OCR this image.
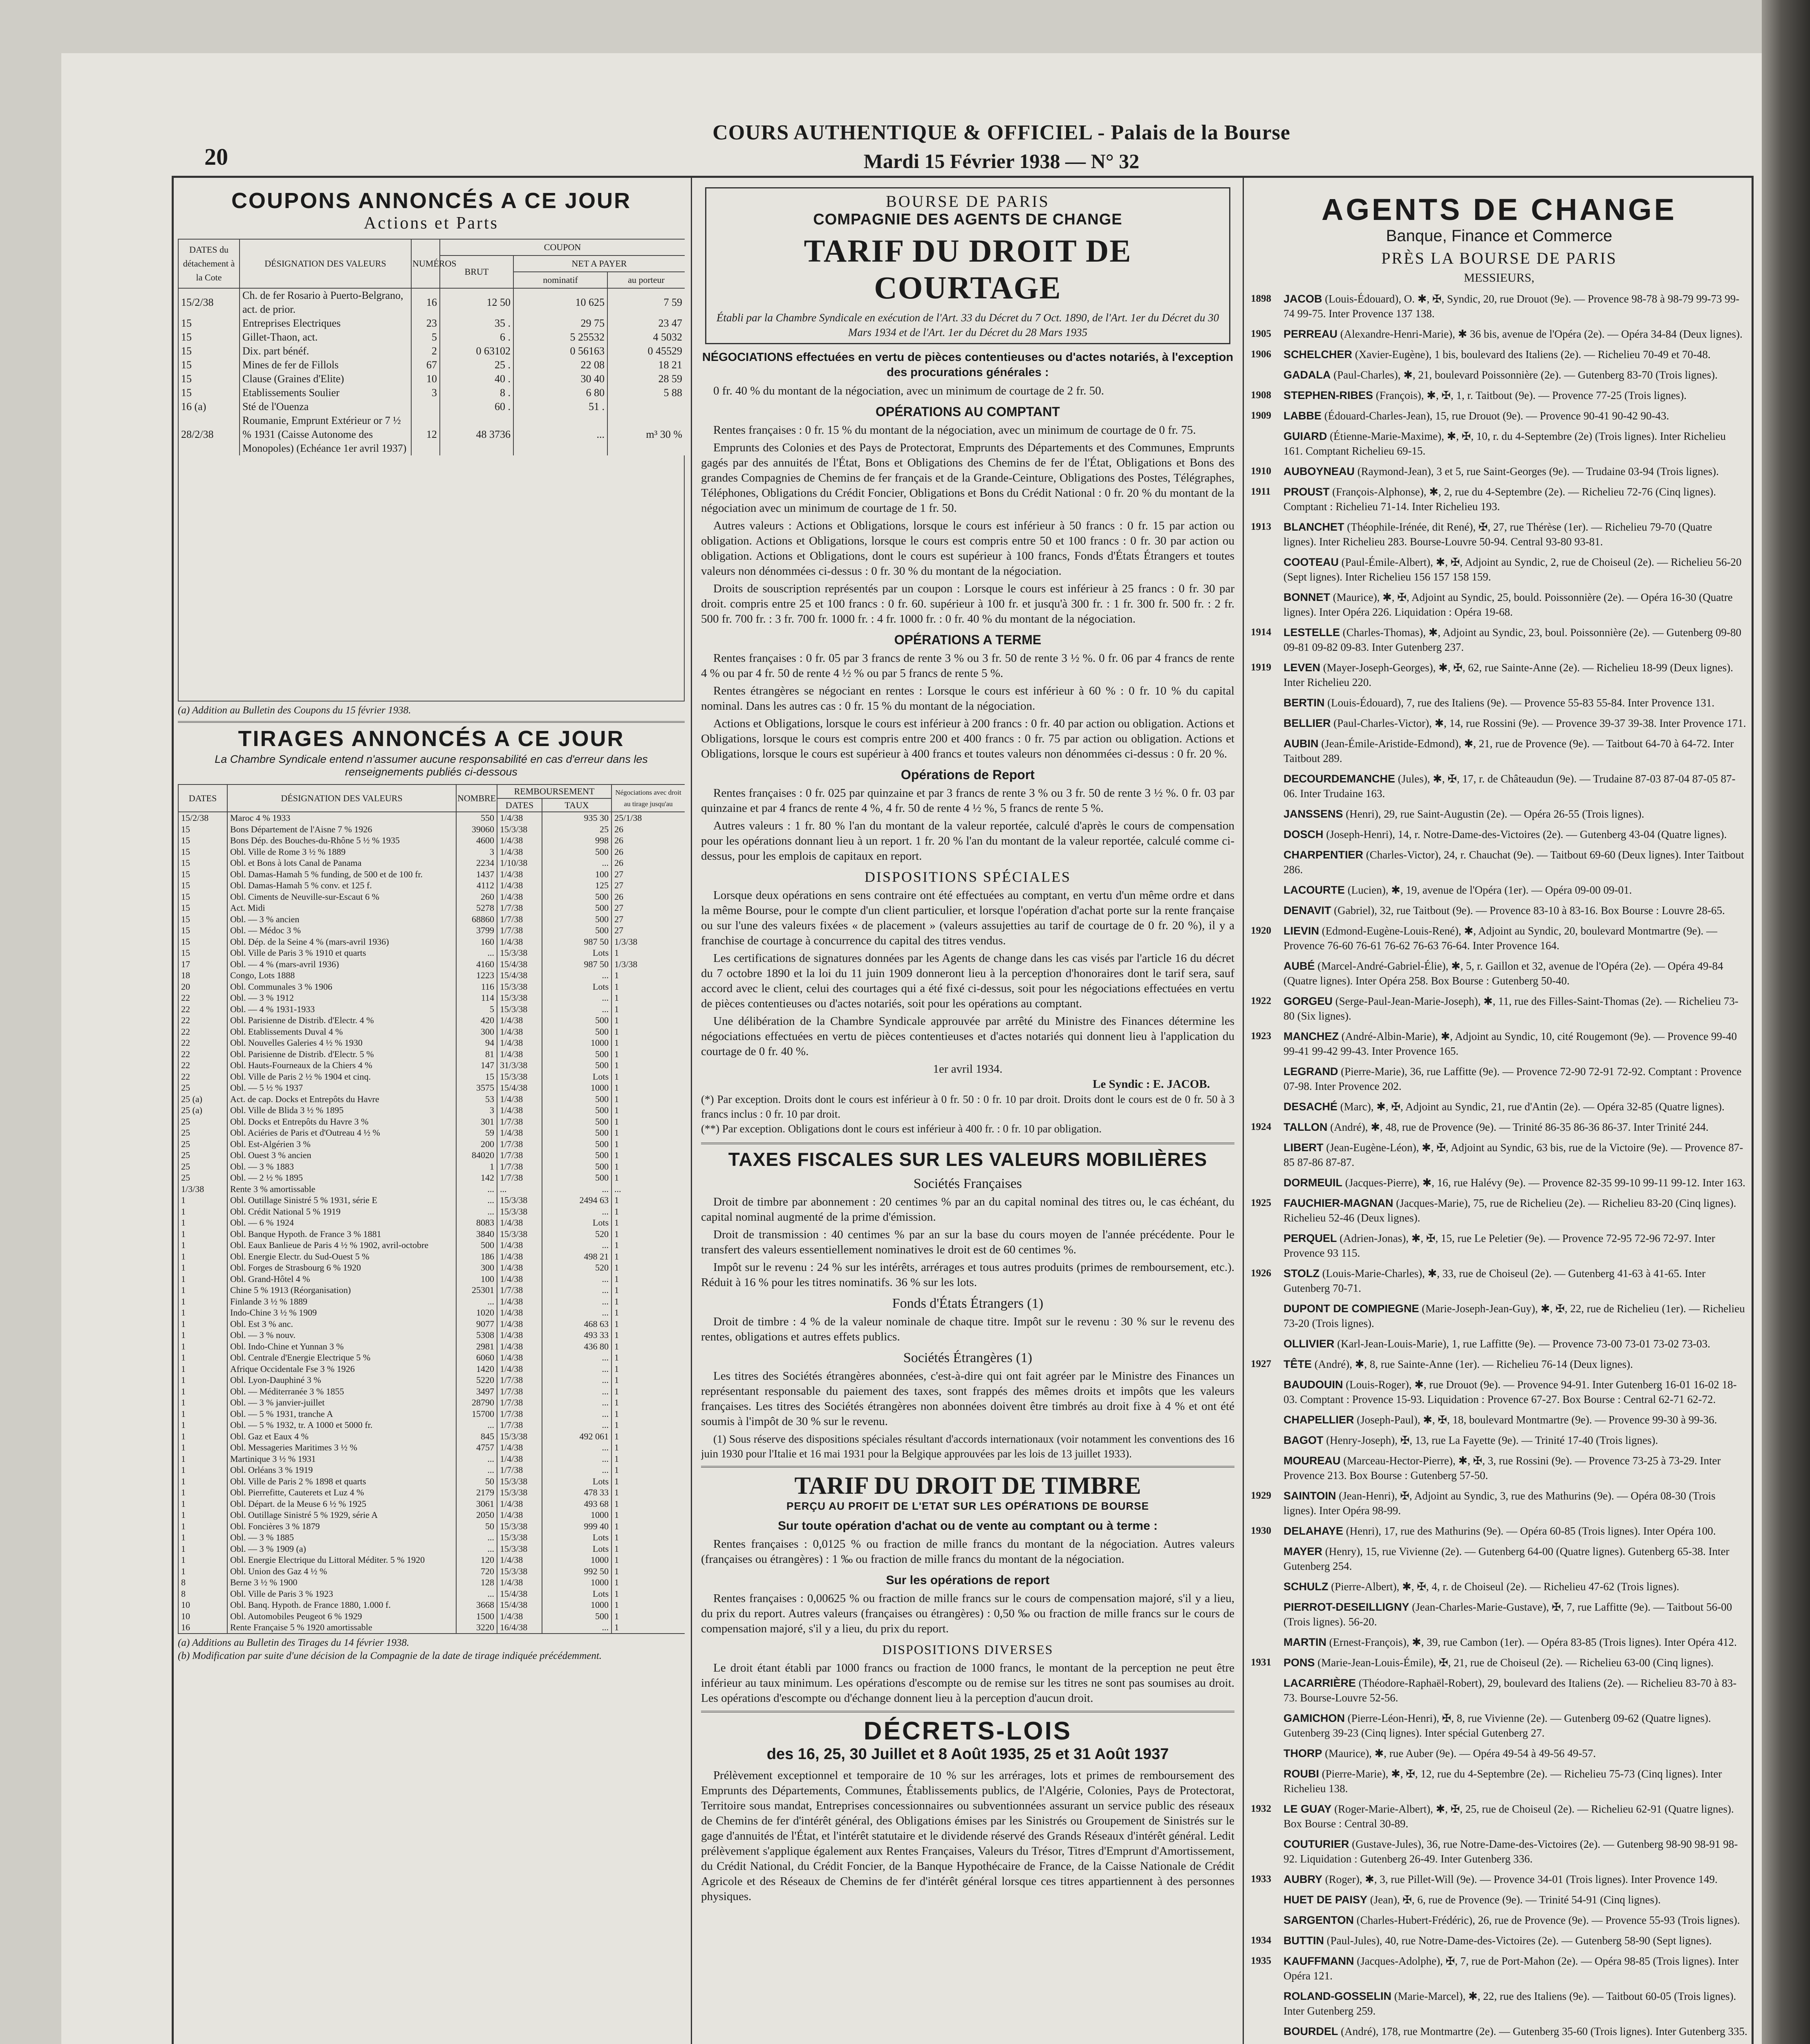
20
COURS AUTHENTIQUE & OFFICIEL - Palais de la Bourse
Mardi 15 Février 1938 — N° 32
COUPONS ANNONCÉS A CE JOUR
Actions et Parts
DATES du détachement à la Cote	DÉSIGNATION DES VALEURS	NUMÉROS	COUPON		
			BRUT	NET A PAYER	
				nominatif	au porteur
15/2/38	Ch. de fer Rosario à Puerto-Belgrano, act. de prior.	16	12 50	10 625	7 59
15	Entreprises Electriques	23	35 .	29 75	23 47
15	Gillet-Thaon, act.	5	6 .	5 25532	4 5032
15	Dix. part bénéf.	2	0 63102	0 56163	0 45529
15	Mines de fer de Fillols	67	25 .	22 08	18 21
15	Clause (Graines d'Elite)	10	40 .	30 40	28 59
15	Etablissements Soulier	3	8 .	6 80	5 88
16 (a)	Sté de l'Ouenza		60 .	51 .	
28/2/38	Roumanie, Emprunt Extérieur or 7 ½ % 1931 (Caisse Autonome des Monopoles) (Echéance 1er avril 1937)	12	48 3736	...	m³ 30 %
(a) Addition au Bulletin des Coupons du 15 février 1938.
TIRAGES ANNONCÉS A CE JOUR
La Chambre Syndicale entend n'assumer aucune responsabilité en cas d'erreur dans les renseignements publiés ci-dessous
DATES	DÉSIGNATION DES VALEURS	NOMBRE	REMBOURSEMENT		Négociations avec droit au tirage jusqu'au
			DATES	TAUX	
15/2/38	Maroc 4 % 1933	550	1/4/38	935 30	25/1/38
15	Bons Département de l'Aisne 7 % 1926	39060	15/3/38	25	26
15	Bons Dép. des Bouches-du-Rhône 5 ½ % 1935	4600	1/4/38	998	26
15	Obl. Ville de Rome 3 ½ % 1889	3	1/4/38	500	26
15	Obl. et Bons à lots Canal de Panama	2234	1/10/38	...	26
15	Obl. Damas-Hamah 5 % funding, de 500 et de 100 fr.	1437	1/4/38	100	27
15	Obl. Damas-Hamah 5 % conv. et 125 f.	4112	1/4/38	125	27
15	Obl. Ciments de Neuville-sur-Escaut 6 %	260	1/4/38	500	26
15	Act. Midi	5278	1/7/38	500	27
15	Obl. — 3 % ancien	68860	1/7/38	500	27
15	Obl. — Médoc 3 %	3799	1/7/38	500	27
15	Obl. Dép. de la Seine 4 % (mars-avril 1936)	160	1/4/38	987 50	1/3/38
15	Obl. Ville de Paris 3 % 1910 et quarts	...	15/3/38	Lots	1
17	Obl. — 4 % (mars-avril 1936)	4160	15/4/38	987 50	1/3/38
18	Congo, Lots 1888	1223	15/4/38	...	1
20	Obl. Communales 3 % 1906	116	15/3/38	Lots	1
22	Obl. — 3 % 1912	114	15/3/38	...	1
22	Obl. — 4 % 1931-1933	5	15/3/38	...	1
22	Obl. Parisienne de Distrib. d'Electr. 4 %	420	1/4/38	500	1
22	Obl. Etablissements Duval 4 %	300	1/4/38	500	1
22	Obl. Nouvelles Galeries 4 ½ % 1930	94	1/4/38	1000	1
22	Obl. Parisienne de Distrib. d'Electr. 5 %	81	1/4/38	500	1
22	Obl. Hauts-Fourneaux de la Chiers 4 %	147	31/3/38	500	1
22	Obl. Ville de Paris 2 ½ % 1904 et cinq.	15	15/3/38	Lots	1
25	Obl. — 5 ½ % 1937	3575	15/4/38	1000	1
25 (a)	Act. de cap. Docks et Entrepôts du Havre	53	1/4/38	500	1
25 (a)	Obl. Ville de Blida 3 ½ % 1895	3	1/4/38	500	1
25	Obl. Docks et Entrepôts du Havre 3 %	301	1/7/38	500	1
25	Obl. Aciéries de Paris et d'Outreau 4 ½ %	59	1/4/38	500	1
25	Obl. Est-Algérien 3 %	200	1/7/38	500	1
25	Obl. Ouest 3 % ancien	84020	1/7/38	500	1
25	Obl. — 3 % 1883	1	1/7/38	500	1
25	Obl. — 2 ½ % 1895	142	1/7/38	500	1
1/3/38	Rente 3 % amortissable	...	...	...	...
1	Obl. Outillage Sinistré 5 % 1931, série E	...	15/3/38	2494 63	1
1	Obl. Crédit National 5 % 1919	...	15/3/38	...	1
1	Obl. — 6 % 1924	8083	1/4/38	Lots	1
1	Obl. Banque Hypoth. de France 3 % 1881	3840	15/3/38	520	1
1	Obl. Eaux Banlieue de Paris 4 ½ % 1902, avril-octobre	500	1/4/38	...	1
1	Obl. Energie Electr. du Sud-Ouest 5 %	186	1/4/38	498 21	1
1	Obl. Forges de Strasbourg 6 % 1920	300	1/4/38	520	1
1	Obl. Grand-Hôtel 4 %	100	1/4/38	...	1
1	Chine 5 % 1913 (Réorganisation)	25301	1/7/38	...	1
1	Finlande 3 ½ % 1889	...	1/4/38	...	1
1	Indo-Chine 3 ½ % 1909	1020	1/4/38	...	1
1	Obl. Est 3 % anc.	9077	1/4/38	468 63	1
1	Obl. — 3 % nouv.	5308	1/4/38	493 33	1
1	Obl. Indo-Chine et Yunnan 3 %	2981	1/4/38	436 80	1
1	Obl. Centrale d'Energie Electrique 5 %	6060	1/4/38	...	1
1	Afrique Occidentale Fse 3 % 1926	1420	1/4/38	...	1
1	Obl. Lyon-Dauphiné 3 %	5220	1/7/38	...	1
1	Obl. — Méditerranée 3 % 1855	3497	1/7/38	...	1
1	Obl. — 3 % janvier-juillet	28790	1/7/38	...	1
1	Obl. — 5 % 1931, tranche A	15700	1/7/38	...	1
1	Obl. — 5 % 1932, tr. A 1000 et 5000 fr.	...	1/7/38	...	1
1	Obl. Gaz et Eaux 4 %	845	15/3/38	492 061	1
1	Obl. Messageries Maritimes 3 ½ %	4757	1/4/38	...	1
1	Martinique 3 ½ % 1931	...	1/4/38	...	1
1	Obl. Orléans 3 % 1919	...	1/7/38	...	1
1	Obl. Ville de Paris 2 % 1898 et quarts	50	15/3/38	Lots	1
1	Obl. Pierrefitte, Cauterets et Luz 4 %	2179	15/3/38	478 33	1
1	Obl. Départ. de la Meuse 6 ½ % 1925	3061	1/4/38	493 68	1
1	Obl. Outillage Sinistré 5 % 1929, série A	2050	1/4/38	1000	1
1	Obl. Foncières 3 % 1879	50	15/3/38	999 40	1
1	Obl. — 3 % 1885	...	15/3/38	Lots	1
1	Obl. — 3 % 1909 (a)	...	15/3/38	Lots	1
1	Obl. Energie Electrique du Littoral Méditer. 5 % 1920	120	1/4/38	1000	1
1	Obl. Union des Gaz 4 ½ %	720	15/3/38	992 50	1
8	Berne 3 ½ % 1900	128	1/4/38	1000	1
8	Obl. Ville de Paris 3 % 1923	...	15/4/38	Lots	1
10	Obl. Banq. Hypoth. de France 1880, 1.000 f.	3668	15/4/38	1000	1
10	Obl. Automobiles Peugeot 6 % 1929	1500	1/4/38	500	1
16	Rente Française 5 % 1920 amortissable	3220	16/4/38	...	1
(a) Additions au Bulletin des Tirages du 14 février 1938.
(b) Modification par suite d'une décision de la Compagnie de la date de tirage indiquée précédemment.
BOURSE DE PARIS
COMPAGNIE DES AGENTS DE CHANGE
TARIF DU DROIT DE COURTAGE
Établi par la Chambre Syndicale en exécution de l'Art. 33 du Décret du 7 Oct. 1890, de l'Art. 1er du Décret du 30 Mars 1934 et de l'Art. 1er du Décret du 28 Mars 1935
NÉGOCIATIONS effectuées en vertu de pièces contentieuses ou d'actes notariés, à l'exception des procurations générales :

0 fr. 40 % du montant de la négociation, avec un minimum de courtage de 2 fr. 50.

OPÉRATIONS AU COMPTANT

Rentes françaises : 0 fr. 15 % du montant de la négociation, avec un minimum de courtage de 0 fr. 75.

Emprunts des Colonies et des Pays de Protectorat, Emprunts des Départements et des Communes, Emprunts gagés par des annuités de l'État, Bons et Obligations des Chemins de fer de l'État, Obligations et Bons des grandes Compagnies de Chemins de fer français et de la Grande-Ceinture, Obligations des Postes, Télégraphes, Téléphones, Obligations du Crédit Foncier, Obligations et Bons du Crédit National : 0 fr. 20 % du montant de la négociation avec un minimum de courtage de 1 fr. 50.

Autres valeurs : Actions et Obligations, lorsque le cours est inférieur à 50 francs : 0 fr. 15 par action ou obligation. Actions et Obligations, lorsque le cours est compris entre 50 et 100 francs : 0 fr. 30 par action ou obligation. Actions et Obligations, dont le cours est supérieur à 100 francs, Fonds d'États Étrangers et toutes valeurs non dénommées ci-dessus : 0 fr. 30 % du montant de la négociation.

Droits de souscription représentés par un coupon : Lorsque le cours est inférieur à 25 francs : 0 fr. 30 par droit. compris entre 25 et 100 francs : 0 fr. 60. supérieur à 100 fr. et jusqu'à 300 fr. : 1 fr. 300 fr. 500 fr. : 2 fr. 500 fr. 700 fr. : 3 fr. 700 fr. 1000 fr. : 4 fr. 1000 fr. : 0 fr. 40 % du montant de la négociation.

OPÉRATIONS A TERME

Rentes françaises : 0 fr. 05 par 3 francs de rente 3 % ou 3 fr. 50 de rente 3 ½ %. 0 fr. 06 par 4 francs de rente 4 % ou par 4 fr. 50 de rente 4 ½ % ou par 5 francs de rente 5 %.

Rentes étrangères se négociant en rentes : Lorsque le cours est inférieur à 60 % : 0 fr. 10 % du capital nominal. Dans les autres cas : 0 fr. 15 % du montant de la négociation.

Actions et Obligations, lorsque le cours est inférieur à 200 francs : 0 fr. 40 par action ou obligation. Actions et Obligations, lorsque le cours est compris entre 200 et 400 francs : 0 fr. 75 par action ou obligation. Actions et Obligations, lorsque le cours est supérieur à 400 francs et toutes valeurs non dénommées ci-dessus : 0 fr. 20 %.

Opérations de Report

Rentes françaises : 0 fr. 025 par quinzaine et par 3 francs de rente 3 % ou 3 fr. 50 de rente 3 ½ %. 0 fr. 03 par quinzaine et par 4 francs de rente 4 %, 4 fr. 50 de rente 4 ½ %, 5 francs de rente 5 %.

Autres valeurs : 1 fr. 80 % l'an du montant de la valeur reportée, calculé d'après le cours de compensation pour les opérations donnant lieu à un report. 1 fr. 20 % l'an du montant de la valeur reportée, calculé comme ci-dessus, pour les emplois de capitaux en report.

DISPOSITIONS SPÉCIALES

Lorsque deux opérations en sens contraire ont été effectuées au comptant, en vertu d'un même ordre et dans la même Bourse, pour le compte d'un client particulier, et lorsque l'opération d'achat porte sur la rente française ou sur l'une des valeurs fixées « de placement » (valeurs assujetties au tarif de courtage de 0 fr. 20 %), il y a franchise de courtage à concurrence du capital des titres vendus.

Les certifications de signatures données par les Agents de change dans les cas visés par l'article 16 du décret du 7 octobre 1890 et la loi du 11 juin 1909 donneront lieu à la perception d'honoraires dont le tarif sera, sauf accord avec le client, celui des courtages qui a été fixé ci-dessus, soit pour les négociations effectuées en vertu de pièces contentieuses ou d'actes notariés, soit pour les opérations au comptant.

Une délibération de la Chambre Syndicale approuvée par arrêté du Ministre des Finances détermine les négociations effectuées en vertu de pièces contentieuses et d'actes notariés qui donnent lieu à l'application du courtage de 0 fr. 40 %.

1er avril 1934.
Le Syndic : E. JACOB.
(*) Par exception. Droits dont le cours est inférieur à 0 fr. 50 : 0 fr. 10 par droit. Droits dont le cours est de 0 fr. 50 à 3 francs inclus : 0 fr. 10 par droit.
(**) Par exception. Obligations dont le cours est inférieur à 400 fr. : 0 fr. 10 par obligation.
TAXES FISCALES SUR LES VALEURS MOBILIÈRES
Sociétés Françaises

Droit de timbre par abonnement : 20 centimes % par an du capital nominal des titres ou, le cas échéant, du capital nominal augmenté de la prime d'émission.

Droit de transmission : 40 centimes % par an sur la base du cours moyen de l'année précédente. Pour le transfert des valeurs essentiellement nominatives le droit est de 60 centimes %.

Impôt sur le revenu : 24 % sur les intérêts, arrérages et tous autres produits (primes de remboursement, etc.). Réduit à 16 % pour les titres nominatifs. 36 % sur les lots.

Fonds d'États Étrangers (1)

Droit de timbre : 4 % de la valeur nominale de chaque titre. Impôt sur le revenu : 30 % sur le revenu des rentes, obligations et autres effets publics.

Sociétés Étrangères (1)

Les titres des Sociétés étrangères abonnées, c'est-à-dire qui ont fait agréer par le Ministre des Finances un représentant responsable du paiement des taxes, sont frappés des mêmes droits et impôts que les valeurs françaises. Les titres des Sociétés étrangères non abonnées doivent être timbrés au droit fixe à 4 % et ont été soumis à l'impôt de 30 % sur le revenu.

(1) Sous réserve des dispositions spéciales résultant d'accords internationaux (voir notamment les conventions des 16 juin 1930 pour l'Italie et 16 mai 1931 pour la Belgique approuvées par les lois de 13 juillet 1933).

TARIF DU DROIT DE TIMBRE
PERÇU AU PROFIT DE L'ETAT SUR LES OPÉRATIONS DE BOURSE
Sur toute opération d'achat ou de vente au comptant ou à terme :

Rentes françaises : 0,0125 % ou fraction de mille francs du montant de la négociation. Autres valeurs (françaises ou étrangères) : 1 ‰ ou fraction de mille francs du montant de la négociation.

Sur les opérations de report

Rentes françaises : 0,00625 % ou fraction de mille francs sur le cours de compensation majoré, s'il y a lieu, du prix du report. Autres valeurs (françaises ou étrangères) : 0,50 ‰ ou fraction de mille francs sur le cours de compensation majoré, s'il y a lieu, du prix du report.

DISPOSITIONS DIVERSES

Le droit étant établi par 1000 francs ou fraction de 1000 francs, le montant de la perception ne peut être inférieur au taux minimum. Les opérations d'escompte ou de remise sur les titres ne sont pas soumises au droit. Les opérations d'escompte ou d'échange donnent lieu à la perception d'aucun droit.

DÉCRETS-LOIS
des 16, 25, 30 Juillet et 8 Août 1935, 25 et 31 Août 1937

Prélèvement exceptionnel et temporaire de 10 % sur les arrérages, lots et primes de remboursement des Emprunts des Départements, Communes, Établissements publics, de l'Algérie, Colonies, Pays de Protectorat, Territoire sous mandat, Entreprises concessionnaires ou subventionnées assurant un service public des réseaux de Chemins de fer d'intérêt général, des Obligations émises par les Sinistrés ou Groupement de Sinistrés sur le gage d'annuités de l'État, et l'intérêt statutaire et le dividende réservé des Grands Réseaux d'intérêt général. Ledit prélèvement s'applique également aux Rentes Françaises, Valeurs du Trésor, Titres d'Emprunt d'Amortissement, du Crédit National, du Crédit Foncier, de la Banque Hypothécaire de France, de la Caisse Nationale de Crédit Agricole et des Réseaux de Chemins de fer d'intérêt général lorsque ces titres appartiennent à des personnes physiques.

AGENTS DE CHANGE
Banque, Finance et Commerce
PRÈS LA BOURSE DE PARIS
MESSIEURS,
1898	JACOB (Louis-Édouard), O. ✱, ✠, Syndic, 20, rue Drouot (9e). — Provence 98-78 à 98-79 99-73 99-74 99-75. Inter Provence 137 138.
1905	PERREAU (Alexandre-Henri-Marie), ✱ 36 bis, avenue de l'Opéra (2e). — Opéra 34-84 (Deux lignes).
1906	SCHELCHER (Xavier-Eugène), 1 bis, boulevard des Italiens (2e). — Richelieu 70-49 et 70-48.
GADALA (Paul-Charles), ✱, 21, boulevard Poissonnière (2e). — Gutenberg 83-70 (Trois lignes).
1908	STEPHEN-RIBES (François), ✱, ✠, 1, r. Taitbout (9e). — Provence 77-25 (Trois lignes).
1909	LABBE (Édouard-Charles-Jean), 15, rue Drouot (9e). — Provence 90-41 90-42 90-43.
GUIARD (Étienne-Marie-Maxime), ✱, ✠, 10, r. du 4-Septembre (2e) (Trois lignes). Inter Richelieu 161. Comptant Richelieu 69-15.
1910	AUBOYNEAU (Raymond-Jean), 3 et 5, rue Saint-Georges (9e). — Trudaine 03-94 (Trois lignes).
1911	PROUST (François-Alphonse), ✱, 2, rue du 4-Septembre (2e). — Richelieu 72-76 (Cinq lignes). Comptant : Richelieu 71-14. Inter Richelieu 193.
1913	BLANCHET (Théophile-Irénée, dit René), ✠, 27, rue Thérèse (1er). — Richelieu 79-70 (Quatre lignes). Inter Richelieu 283. Bourse-Louvre 50-94. Central 93-80 93-81.
COOTEAU (Paul-Émile-Albert), ✱, ✠, Adjoint au Syndic, 2, rue de Choiseul (2e). — Richelieu 56-20 (Sept lignes). Inter Richelieu 156 157 158 159.
BONNET (Maurice), ✱, ✠, Adjoint au Syndic, 25, bould. Poissonnière (2e). — Opéra 16-30 (Quatre lignes). Inter Opéra 226. Liquidation : Opéra 19-68.
1914	LESTELLE (Charles-Thomas), ✱, Adjoint au Syndic, 23, boul. Poissonnière (2e). — Gutenberg 09-80 09-81 09-82 09-83. Inter Gutenberg 237.
1919	LEVEN (Mayer-Joseph-Georges), ✱, ✠, 62, rue Sainte-Anne (2e). — Richelieu 18-99 (Deux lignes). Inter Richelieu 220.
BERTIN (Louis-Édouard), 7, rue des Italiens (9e). — Provence 55-83 55-84. Inter Provence 131.
BELLIER (Paul-Charles-Victor), ✱, 14, rue Rossini (9e). — Provence 39-37 39-38. Inter Provence 171.
AUBIN (Jean-Émile-Aristide-Edmond), ✱, 21, rue de Provence (9e). — Taitbout 64-70 à 64-72. Inter Taitbout 289.
DECOURDEMANCHE (Jules), ✱, ✠, 17, r. de Châteaudun (9e). — Trudaine 87-03 87-04 87-05 87-06. Inter Trudaine 163.
JANSSENS (Henri), 29, rue Saint-Augustin (2e). — Opéra 26-55 (Trois lignes).
DOSCH (Joseph-Henri), 14, r. Notre-Dame-des-Victoires (2e). — Gutenberg 43-04 (Quatre lignes).
CHARPENTIER (Charles-Victor), 24, r. Chauchat (9e). — Taitbout 69-60 (Deux lignes). Inter Taitbout 286.
LACOURTE (Lucien), ✱, 19, avenue de l'Opéra (1er). — Opéra 09-00 09-01.
DENAVIT (Gabriel), 32, rue Taitbout (9e). — Provence 83-10 à 83-16. Box Bourse : Louvre 28-65.
1920	LIEVIN (Edmond-Eugène-Louis-René), ✱, Adjoint au Syndic, 20, boulevard Montmartre (9e). — Provence 76-60 76-61 76-62 76-63 76-64. Inter Provence 164.
AUBÉ (Marcel-André-Gabriel-Élie), ✱, 5, r. Gaillon et 32, avenue de l'Opéra (2e). — Opéra 49-84 (Quatre lignes). Inter Opéra 258. Box Bourse : Gutenberg 50-40.
1922	GORGEU (Serge-Paul-Jean-Marie-Joseph), ✱, 11, rue des Filles-Saint-Thomas (2e). — Richelieu 73-80 (Six lignes).
1923	MANCHEZ (André-Albin-Marie), ✱, Adjoint au Syndic, 10, cité Rougemont (9e). — Provence 99-40 99-41 99-42 99-43. Inter Provence 165.
LEGRAND (Pierre-Marie), 36, rue Laffitte (9e). — Provence 72-90 72-91 72-92. Comptant : Provence 07-98. Inter Provence 202.
DESACHÉ (Marc), ✱, ✠, Adjoint au Syndic, 21, rue d'Antin (2e). — Opéra 32-85 (Quatre lignes).
1924	TALLON (André), ✱, 48, rue de Provence (9e). — Trinité 86-35 86-36 86-37. Inter Trinité 244.
LIBERT (Jean-Eugène-Léon), ✱, ✠, Adjoint au Syndic, 63 bis, rue de la Victoire (9e). — Provence 87-85 87-86 87-87.
DORMEUIL (Jacques-Pierre), ✱, 16, rue Halévy (9e). — Provence 82-35 99-10 99-11 99-12. Inter 163.
1925	FAUCHIER-MAGNAN (Jacques-Marie), 75, rue de Richelieu (2e). — Richelieu 83-20 (Cinq lignes). Richelieu 52-46 (Deux lignes).
PERQUEL (Adrien-Jonas), ✱, ✠, 15, rue Le Peletier (9e). — Provence 72-95 72-96 72-97. Inter Provence 93 115.
1926	STOLZ (Louis-Marie-Charles), ✱, 33, rue de Choiseul (2e). — Gutenberg 41-63 à 41-65. Inter Gutenberg 70-71.
DUPONT DE COMPIEGNE (Marie-Joseph-Jean-Guy), ✱, ✠, 22, rue de Richelieu (1er). — Richelieu 73-20 (Trois lignes).
OLLIVIER (Karl-Jean-Louis-Marie), 1, rue Laffitte (9e). — Provence 73-00 73-01 73-02 73-03.
1927	TÊTE (André), ✱, 8, rue Sainte-Anne (1er). — Richelieu 76-14 (Deux lignes).
BAUDOUIN (Louis-Roger), ✱, rue Drouot (9e). — Provence 94-91. Inter Gutenberg 16-01 16-02 18-03. Comptant : Provence 15-93. Liquidation : Provence 67-27. Box Bourse : Central 62-71 62-72.
CHAPELLIER (Joseph-Paul), ✱, ✠, 18, boulevard Montmartre (9e). — Provence 99-30 à 99-36.
BAGOT (Henry-Joseph), ✠, 13, rue La Fayette (9e). — Trinité 17-40 (Trois lignes).
MOUREAU (Marceau-Hector-Pierre), ✱, ✠, 3, rue Rossini (9e). — Provence 73-25 à 73-29. Inter Provence 213. Box Bourse : Gutenberg 57-50.
1929	SAINTOIN (Jean-Henri), ✠, Adjoint au Syndic, 3, rue des Mathurins (9e). — Opéra 08-30 (Trois lignes). Inter Opéra 98-99.
1930	DELAHAYE (Henri), 17, rue des Mathurins (9e). — Opéra 60-85 (Trois lignes). Inter Opéra 100.
MAYER (Henry), 15, rue Vivienne (2e). — Gutenberg 64-00 (Quatre lignes). Gutenberg 65-38. Inter Gutenberg 254.
SCHULZ (Pierre-Albert), ✱, ✠, 4, r. de Choiseul (2e). — Richelieu 47-62 (Trois lignes).
PIERROT-DESEILLIGNY (Jean-Charles-Marie-Gustave), ✠, 7, rue Laffitte (9e). — Taitbout 56-00 (Trois lignes). 56-20.
MARTIN (Ernest-François), ✱, 39, rue Cambon (1er). — Opéra 83-85 (Trois lignes). Inter Opéra 412.
1931	PONS (Marie-Jean-Louis-Émile), ✠, 21, rue de Choiseul (2e). — Richelieu 63-00 (Cinq lignes).
LACARRIÈRE (Théodore-Raphaël-Robert), 29, boulevard des Italiens (2e). — Richelieu 83-70 à 83-73. Bourse-Louvre 52-56.
GAMICHON (Pierre-Léon-Henri), ✠, 8, rue Vivienne (2e). — Gutenberg 09-62 (Quatre lignes). Gutenberg 39-23 (Cinq lignes). Inter spécial Gutenberg 27.
THORP (Maurice), ✱, rue Auber (9e). — Opéra 49-54 à 49-56 49-57.
ROUBI (Pierre-Marie), ✱, ✠, 12, rue du 4-Septembre (2e). — Richelieu 75-73 (Cinq lignes). Inter Richelieu 138.
1932	LE GUAY (Roger-Marie-Albert), ✱, ✠, 25, rue de Choiseul (2e). — Richelieu 62-91 (Quatre lignes). Box Bourse : Central 30-89.
COUTURIER (Gustave-Jules), 36, rue Notre-Dame-des-Victoires (2e). — Gutenberg 98-90 98-91 98-92. Liquidation : Gutenberg 26-49. Inter Gutenberg 336.
1933	AUBRY (Roger), ✱, 3, rue Pillet-Will (9e). — Provence 34-01 (Trois lignes). Inter Provence 149.
HUET DE PAISY (Jean), ✠, 6, rue de Provence (9e). — Trinité 54-91 (Cinq lignes).
SARGENTON (Charles-Hubert-Frédéric), 26, rue de Provence (9e). — Provence 55-93 (Trois lignes).
1934	BUTTIN (Paul-Jules), 40, rue Notre-Dame-des-Victoires (2e). — Gutenberg 58-90 (Sept lignes).
1935	KAUFFMANN (Jacques-Adolphe), ✠, 7, rue de Port-Mahon (2e). — Opéra 98-85 (Trois lignes). Inter Opéra 121.
ROLAND-GOSSELIN (Marie-Marcel), ✱, 22, rue des Italiens (9e). — Taitbout 60-05 (Trois lignes). Inter Gutenberg 259.
BOURDEL (André), 178, rue Montmartre (2e). — Gutenberg 35-60 (Trois lignes). Inter Gutenberg 335.
